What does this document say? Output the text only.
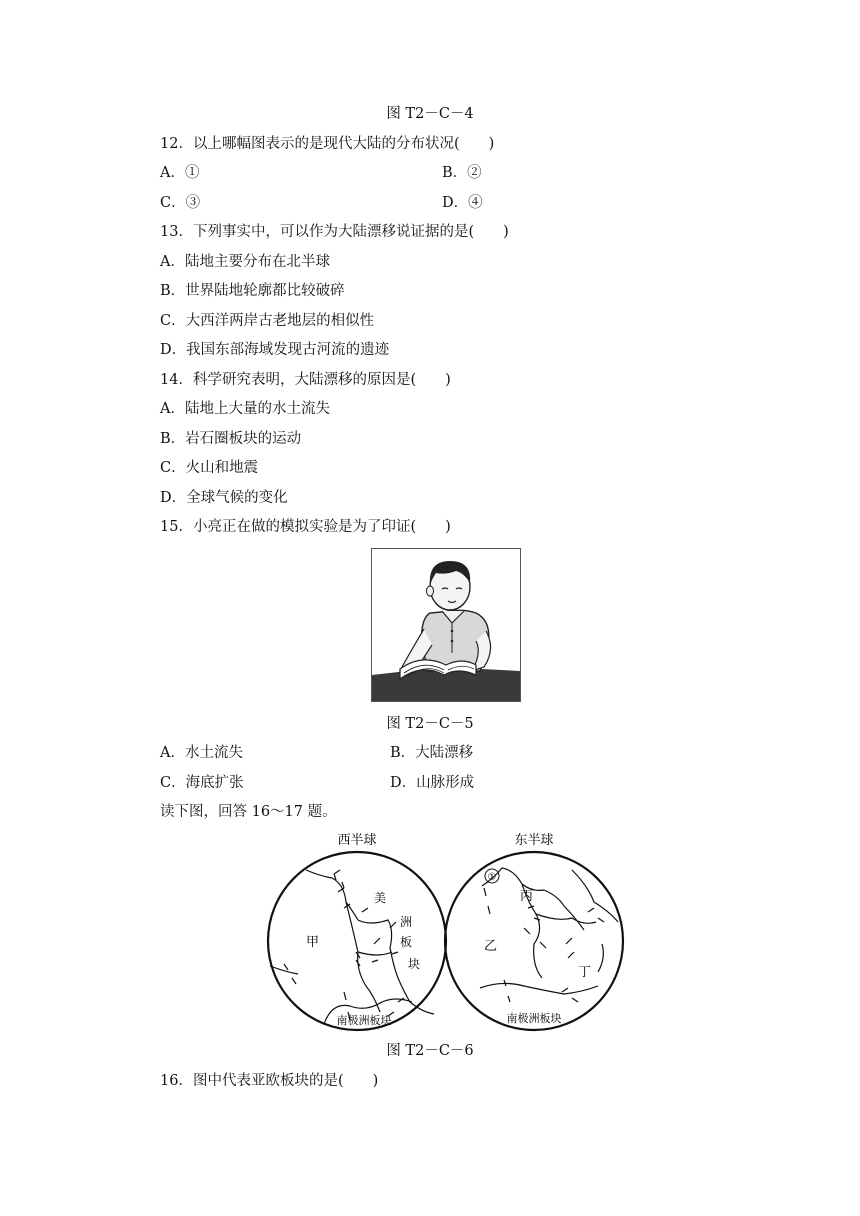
图 T2－C－4
12．以上哪幅图表示的是现代大陆的分布状况(　　)
A．①	B．②
C．③	D．④
13．下列事实中，可以作为大陆漂移说证据的是(　　)
A．陆地主要分布在北半球
B．世界陆地轮廓都比较破碎
C．大西洋两岸古老地层的相似性
D．我国东部海域发现古河流的遗迹
14．科学研究表明，大陆漂移的原因是(　　)
A．陆地上大量的水土流失
B．岩石圈板块的运动
C．火山和地震
D．全球气候的变化
15．小亮正在做的模拟实验是为了印证(　　)
图 T2－C－5
A．水土流失	B．大陆漂移
C．海底扩张	D．山脉形成
读下图，回答 16～17 题。
西半球	东半球
美
洲
甲	板
块
南极洲板块
①
丙
乙
丁
南极洲板块
图 T2－C－6
16．图中代表亚欧板块的是(　　)
